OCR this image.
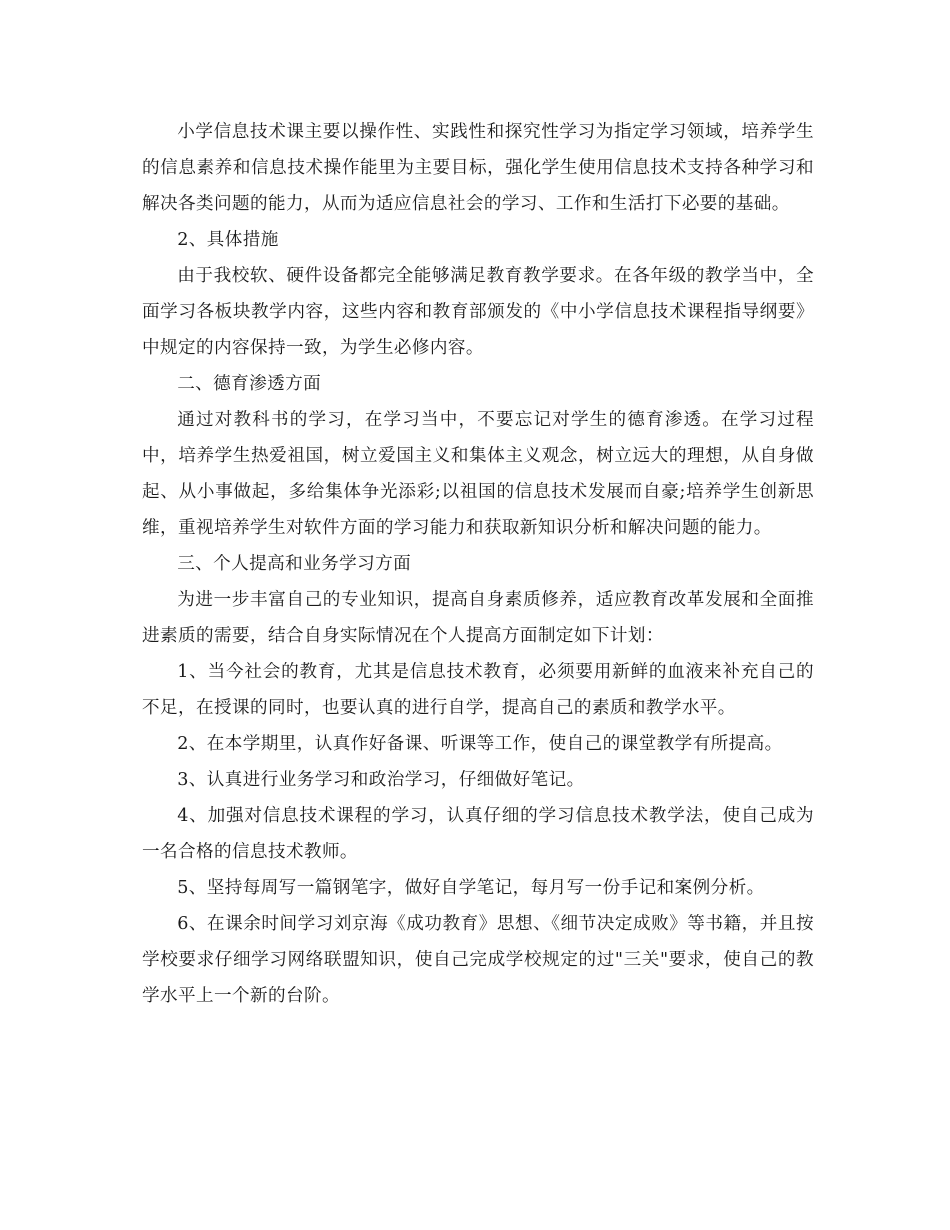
小学信息技术课主要以操作性、实践性和探究性学习为指定学习领域，培养学生的信息素养和信息技术操作能里为主要目标，强化学生使用信息技术支持各种学习和解决各类问题的能力，从而为适应信息社会的学习、工作和生活打下必要的基础。

2、具体措施

由于我校软、硬件设备都完全能够满足教育教学要求。在各年级的教学当中，全面学习各板块教学内容，这些内容和教育部颁发的《中小学信息技术课程指导纲要》中规定的内容保持一致，为学生必修内容。

二、德育渗透方面

通过对教科书的学习，在学习当中，不要忘记对学生的德育渗透。在学习过程中，培养学生热爱祖国，树立爱国主义和集体主义观念，树立远大的理想，从自身做起、从小事做起，多给集体争光添彩;以祖国的信息技术发展而自豪;培养学生创新思维，重视培养学生对软件方面的学习能力和获取新知识分析和解决问题的能力。

三、个人提高和业务学习方面

为进一步丰富自己的专业知识，提高自身素质修养，适应教育改革发展和全面推进素质的需要，结合自身实际情况在个人提高方面制定如下计划：

1、当今社会的教育，尤其是信息技术教育，必须要用新鲜的血液来补充自己的不足，在授课的同时，也要认真的进行自学，提高自己的素质和教学水平。

2、在本学期里，认真作好备课、听课等工作，使自己的课堂教学有所提高。

3、认真进行业务学习和政治学习，仔细做好笔记。

4、加强对信息技术课程的学习，认真仔细的学习信息技术教学法，使自己成为一名合格的信息技术教师。

5、坚持每周写一篇钢笔字，做好自学笔记，每月写一份手记和案例分析。

6、在课余时间学习刘京海《成功教育》思想、《细节决定成败》等书籍，并且按学校要求仔细学习网络联盟知识，使自己完成学校规定的过"三关"要求，使自己的教学水平上一个新的台阶。
